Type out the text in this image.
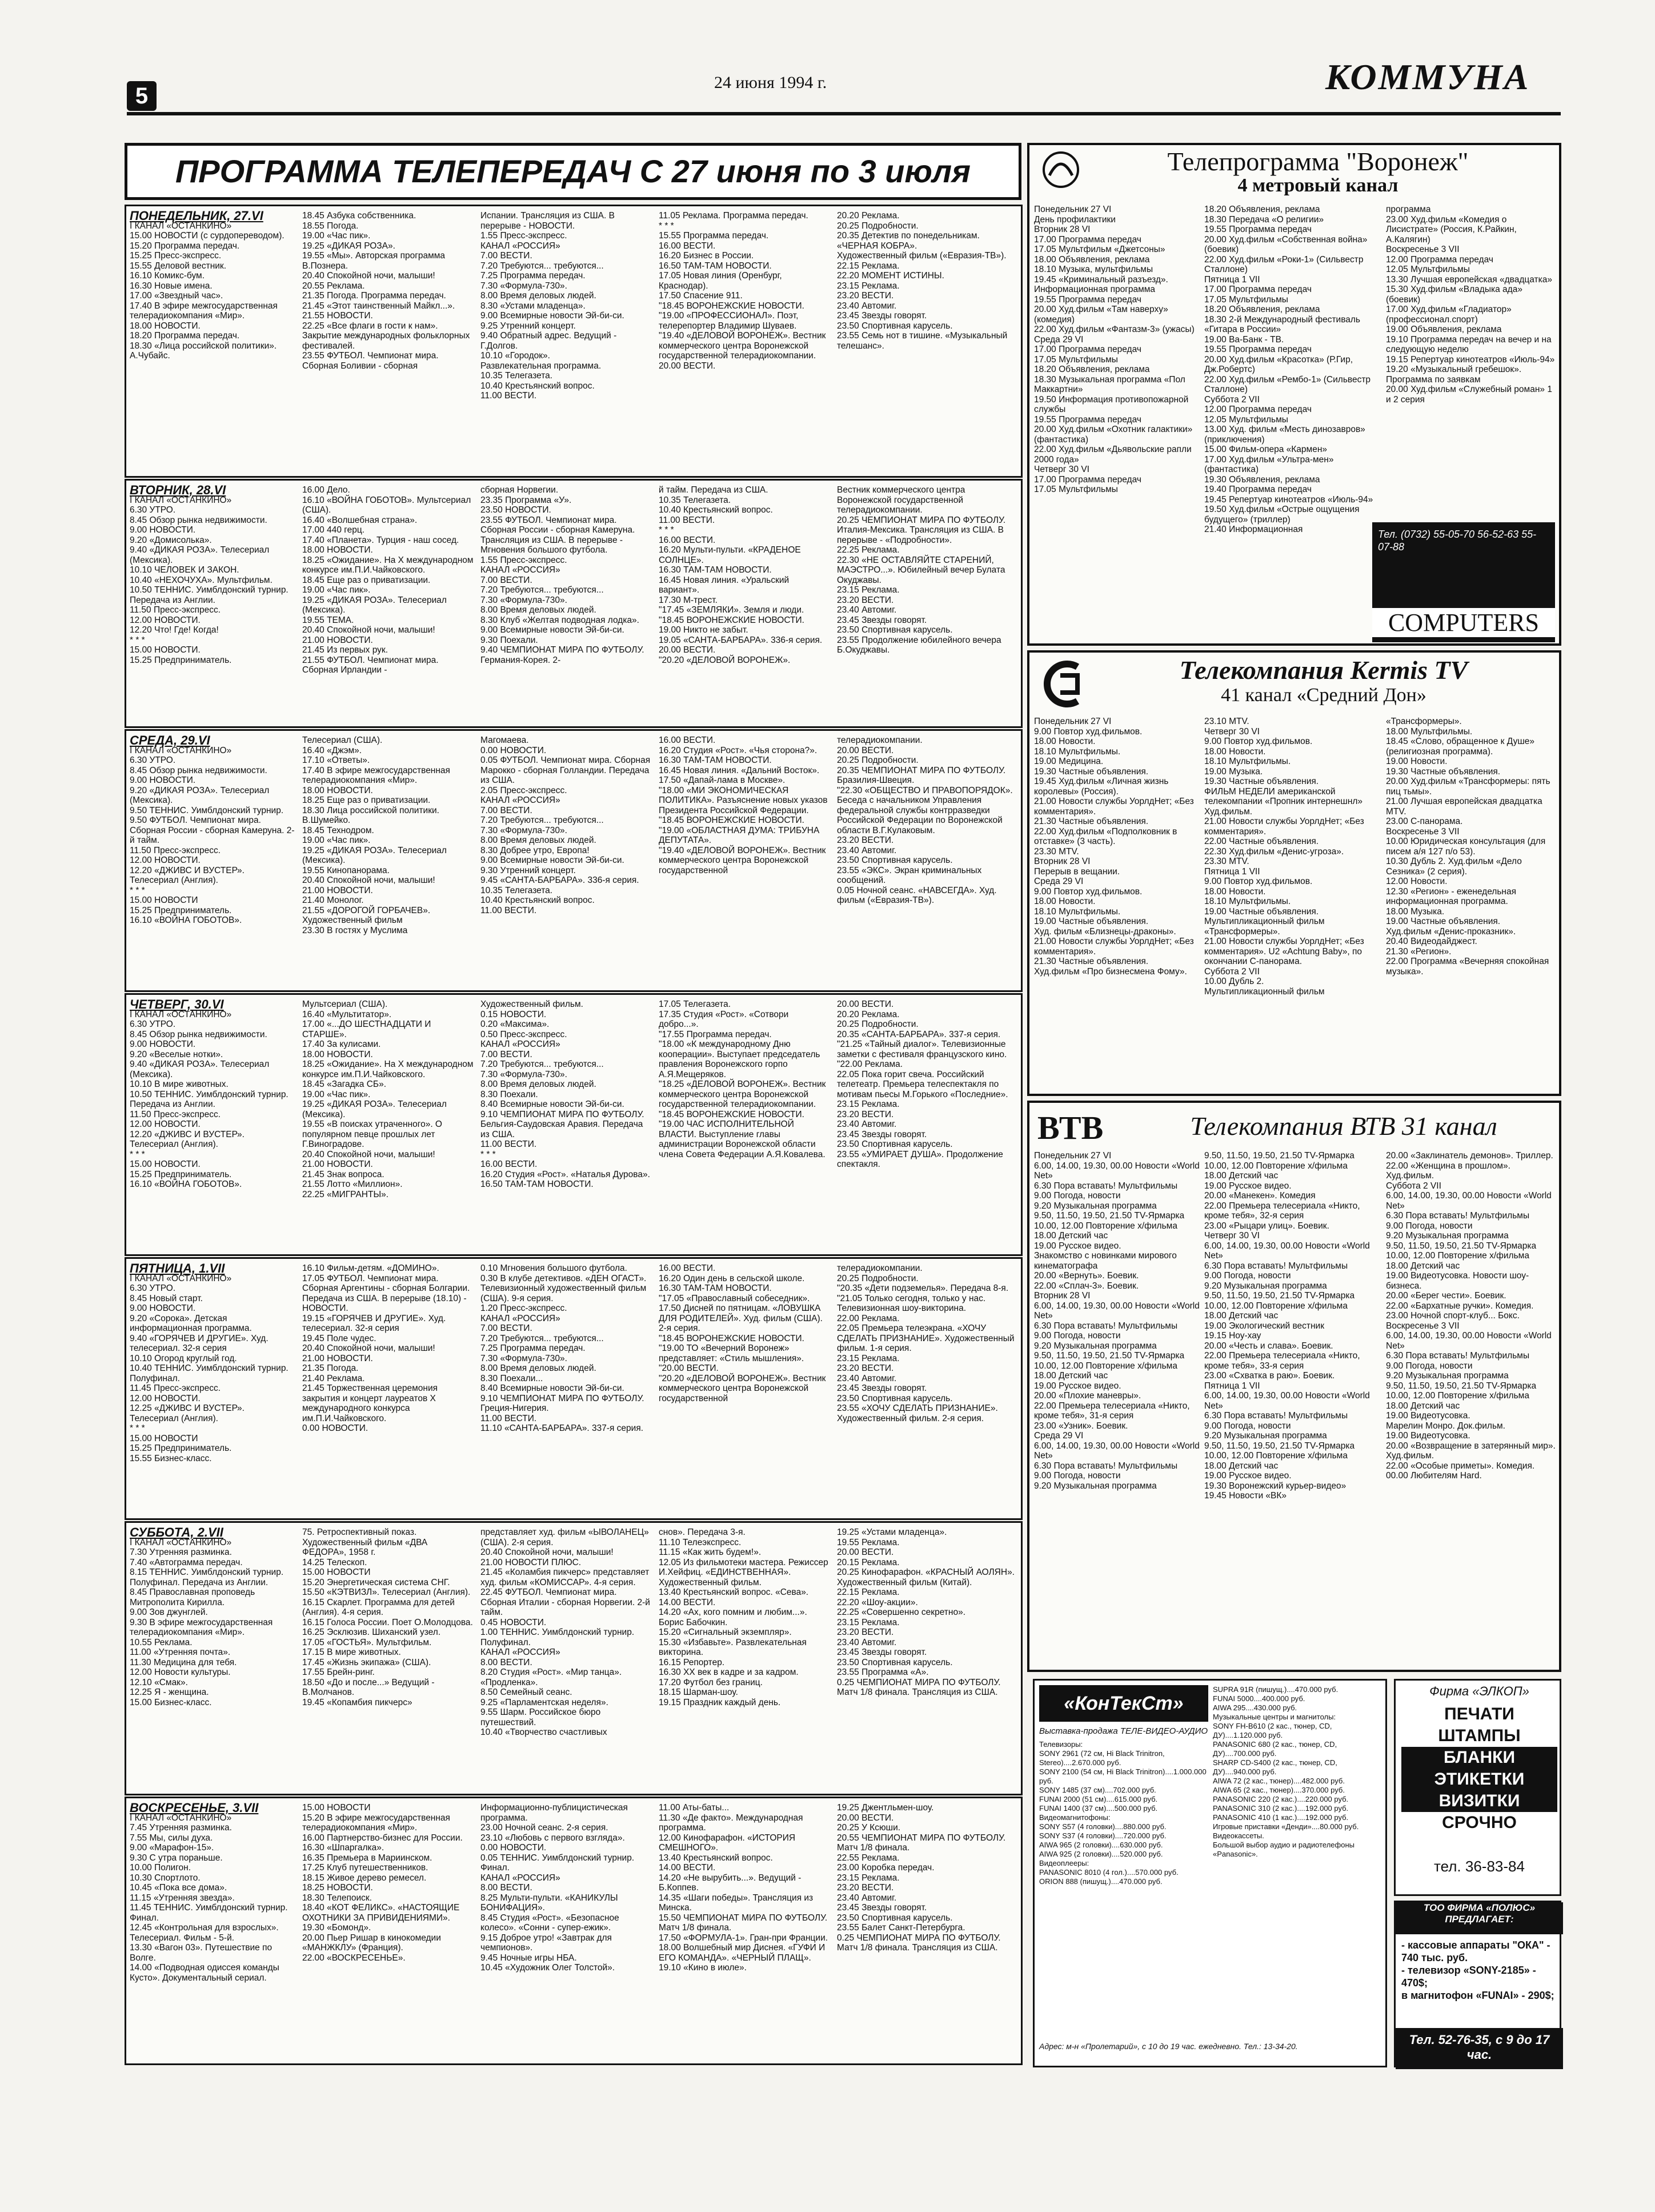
5
24 июня 1994 г.	КОММУНА
ПРОГРАММА ТЕЛЕПЕРЕДАЧ С 27 июня по 3 июля
ПОНЕДЕЛЬНИК, 27.VI
I КАНАЛ «ОСТАНКИНО»
15.00 НОВОСТИ (с сурдопереводом).
15.20 Программа передач.
15.25 Пресс-экспресс.
15.55 Деловой вестник.
16.10 Комикс-бум.
16.30 Новые имена.
17.00 «Звездный час».
17.40 В эфире межгосударственная телерадиокомпания «Мир».
18.00 НОВОСТИ.
18.20 Программа передач.
18.30 «Лица российской политики». А.Чубайс.
18.45 Азбука собственника.
18.55 Погода.
19.00 «Час пик».
19.25 «ДИКАЯ РОЗА».
19.55 «Мы». Авторская программа В.Познера.
20.40 Спокойной ночи, малыши!
20.55 Реклама.
21.35 Погода. Программа передач.
21.45 «Этот таинственный Майкл...».
21.55 НОВОСТИ.
22.25 «Все флаги в гости к нам». Закрытие международных фольклорных фестивалей.
23.55 ФУТБОЛ. Чемпионат мира. Сборная Боливии - сборная
Испании. Трансляция из США. В перерыве - НОВОСТИ.
1.55 Пресс-экспресс.
КАНАЛ «РОССИЯ»
7.00 ВЕСТИ.
7.20 Требуются... требуются...
7.25 Программа передач.
7.30 «Формула-730».
8.00 Время деловых людей.
8.30 «Устами младенца».
9.00 Всемирные новости Эй-би-си.
9.25 Утренний концерт.
9.40 Обратный адрес. Ведущий - Г.Долгов.
10.10 «Городок».
Развлекательная программа.
10.35 Телегазета.
10.40 Крестьянский вопрос.
11.00 ВЕСТИ.
11.05 Реклама. Программа передач.
* * *
15.55 Программа передач.
16.00 ВЕСТИ.
16.20 Бизнес в России.
16.50 ТАМ-ТАМ НОВОСТИ.
17.05 Новая линия (Оренбург, Краснодар).
17.50 Спасение 911.
"18.45 ВОРОНЕЖСКИЕ НОВОСТИ.
"19.00 «ПРОФЕССИОНАЛ». Поэт, телерепортер Владимир Шуваев.
"19.40 «ДЕЛОВОЙ ВОРОНЕЖ». Вестник коммерческого центра Воронежской государственной телерадиокомпании.
20.00 ВЕСТИ.
20.20 Реклама.
20.25 Подробности.
20.35 Детектив по понедельникам. «ЧЕРНАЯ КОБРА».
Художественный фильм («Евразия-ТВ»).
22.15 Реклама.
22.20 МОМЕНТ ИСТИНЫ.
23.15 Реклама.
23.20 ВЕСТИ.
23.40 Автомиг.
23.45 Звезды говорят.
23.50 Спортивная карусель.
23.55 Семь нот в тишине. «Музыкальный телешанс».
ВТОРНИК, 28.VI
I КАНАЛ «ОСТАНКИНО»
6.30 УТРО.
8.45 Обзор рынка недвижимости.
9.00 НОВОСТИ.
9.20 «Домисолька».
9.40 «ДИКАЯ РОЗА». Телесериал (Мексика).
10.10 ЧЕЛОВЕК И ЗАКОН.
10.40 «НЕХОЧУХА». Мультфильм.
10.50 ТЕННИС. Уимблдонский турнир. Передача из Англии.
11.50 Пресс-экспресс.
12.00 НОВОСТИ.
12.20 Что! Где! Когда!
* * *
15.00 НОВОСТИ.
15.25 Предприниматель.
16.00 Дело.
16.10 «ВОЙНА ГОБОТОВ». Мультсериал (США).
16.40 «Волшебная страна».
17.00 440 герц.
17.40 «Планета». Турция - наш сосед.
18.00 НОВОСТИ.
18.25 «Ожидание». На X международном конкурсе им.П.И.Чайковского.
18.45 Еще раз о приватизации.
19.00 «Час пик».
19.25 «ДИКАЯ РОЗА». Телесериал (Мексика).
19.55 ТЕМА.
20.40 Спокойной ночи, малыши!
21.00 НОВОСТИ.
21.45 Из первых рук.
21.55 ФУТБОЛ. Чемпионат мира. Сборная Ирландии -
сборная Норвегии.
23.35 Программа «У».
23.50 НОВОСТИ.
23.55 ФУТБОЛ. Чемпионат мира. Сборная России - сборная Камеруна. Трансляция из США. В перерыве - Мгновения большого футбола.
1.55 Пресс-экспресс.
КАНАЛ «РОССИЯ»
7.00 ВЕСТИ.
7.20 Требуются... требуются...
7.30 «Формула-730».
8.00 Время деловых людей.
8.30 Клуб «Желтая подводная лодка».
9.00 Всемирные новости Эй-би-си.
9.30 Поехали.
9.40 ЧЕМПИОНАТ МИРА ПО ФУТБОЛУ. Германия-Корея. 2-
й тайм. Передача из США.
10.35 Телегазета.
10.40 Крестьянский вопрос.
11.00 ВЕСТИ.
* * *
16.00 ВЕСТИ.
16.20 Мульти-пульти. «КРАДЕНОЕ СОЛНЦЕ».
16.30 ТАМ-ТАМ НОВОСТИ.
16.45 Новая линия. «Уральский вариант».
17.30 М-трест.
"17.45 «ЗЕМЛЯКИ». Земля и люди.
"18.45 ВОРОНЕЖСКИЕ НОВОСТИ.
19.00 Никто не забыт.
19.05 «САНТА-БАРБАРА». 336-я серия.
20.00 ВЕСТИ.
"20.20 «ДЕЛОВОЙ ВОРОНЕЖ».
Вестник коммерческого центра Воронежской государственной телерадиокомпании.
20.25 ЧЕМПИОНАТ МИРА ПО ФУТБОЛУ. Италия-Мексика. Трансляция из США. В перерыве - «Подробности».
22.25 Реклама.
22.30 «НЕ ОСТАВЛЯЙТЕ СТАРЕНИЙ, МАЭСТРО...». Юбилейный вечер Булата Окуджавы.
23.15 Реклама.
23.20 ВЕСТИ.
23.40 Автомиг.
23.45 Звезды говорят.
23.50 Спортивная карусель.
23.55 Продолжение юбилейного вечера Б.Окуджавы.
СРЕДА, 29.VI
I КАНАЛ «ОСТАНКИНО»
6.30 УТРО.
8.45 Обзор рынка недвижимости.
9.00 НОВОСТИ.
9.20 «ДИКАЯ РОЗА». Телесериал (Мексика).
9.50 ТЕННИС. Уимблдонский турнир.
9.50 ФУТБОЛ. Чемпионат мира. Сборная России - сборная Камеруна. 2-й тайм.
11.50 Пресс-экспресс.
12.00 НОВОСТИ.
12.20 «ДЖИВС И ВУСТЕР». Телесериал (Англия).
* * *
15.00 НОВОСТИ
15.25 Предприниматель.
16.10 «ВОЙНА ГОБОТОВ».
Телесериал (США).
16.40 «Джэм».
17.10 «Ответы».
17.40 В эфире межгосударственная телерадиокомпания «Мир».
18.00 НОВОСТИ.
18.25 Еще раз о приватизации.
18.30 Лица российской политики. В.Шумейко.
18.45 Технодром.
19.00 «Час пик».
19.25 «ДИКАЯ РОЗА». Телесериал (Мексика).
19.55 Кинопанорама.
20.40 Спокойной ночи, малыши!
21.00 НОВОСТИ.
21.40 Монолог.
21.55 «ДОРОГОЙ ГОРБАЧЕВ». Художественный фильм
23.30 В гостях у Муслима
Магомаева.
0.00 НОВОСТИ.
0.05 ФУТБОЛ. Чемпионат мира. Сборная Марокко - сборная Голландии. Передача из США.
2.05 Пресс-экспресс.
КАНАЛ «РОССИЯ»
7.00 ВЕСТИ.
7.20 Требуются... требуются...
7.30 «Формула-730».
8.00 Время деловых людей.
8.30 Добрее утро, Европа!
9.00 Всемирные новости Эй-би-си.
9.30 Утренний концерт.
9.45 «САНТА-БАРБАРА». 336-я серия.
10.35 Телегазета.
10.40 Крестьянский вопрос.
11.00 ВЕСТИ.
16.00 ВЕСТИ.
16.20 Студия «Рост». «Чья сторона?».
16.30 ТАМ-ТАМ НОВОСТИ.
16.45 Новая линия. «Дальний Восток».
17.50 «Дапай-лама в Москве».
"18.00 «МИ ЭКОНОМИЧЕСКАЯ ПОЛИТИКА». Разъяснение новых указов Президента Российской Федерации.
"18.45 ВОРОНЕЖСКИЕ НОВОСТИ.
"19.00 «ОБЛАСТНАЯ ДУМА: ТРИБУНА ДЕПУТАТА».
"19.40 «ДЕЛОВОЙ ВОРОНЕЖ». Вестник коммерческого центра Воронежской государственной
телерадиокомпании.
20.00 ВЕСТИ.
20.25 Подробности.
20.35 ЧЕМПИОНАТ МИРА ПО ФУТБОЛУ. Бразилия-Швеция.
"22.30 «ОБЩЕСТВО И ПРАВОПОРЯДОК». Беседа с начальником Управления федеральной службы контрразведки Российской Федерации по Воронежской области В.Г.Кулаковым.
23.20 ВЕСТИ.
23.40 Автомиг.
23.50 Спортивная карусель.
23.55 «ЭКС». Экран криминальных сообщений.
0.05 Ночной сеанс. «НАВСЕГДА». Худ. фильм («Евразия-ТВ»).
ЧЕТВЕРГ, 30.VI
I КАНАЛ «ОСТАНКИНО»
6.30 УТРО.
8.45 Обзор рынка недвижимости.
9.00 НОВОСТИ.
9.20 «Веселые нотки».
9.40 «ДИКАЯ РОЗА». Телесериал (Мексика).
10.10 В мире животных.
10.50 ТЕННИС. Уимблдонский турнир. Передача из Англии.
11.50 Пресс-экспресс.
12.00 НОВОСТИ.
12.20 «ДЖИВС И ВУСТЕР». Телесериал (Англия).
* * *
15.00 НОВОСТИ.
15.25 Предприниматель.
16.10 «ВОЙНА ГОБОТОВ».
Мультсериал (США).
16.40 «Мультитатор».
17.00 «...ДО ШЕСТНАДЦАТИ И СТАРШЕ».
17.40 За кулисами.
18.00 НОВОСТИ.
18.25 «Ожидание». На X международном конкурсе им.П.И.Чайковского.
18.45 «Загадка СБ».
19.00 «Час пик».
19.25 «ДИКАЯ РОЗА». Телесериал (Мексика).
19.55 «В поисках утраченного». О популярном певце прошлых лет Г.Виноградове.
20.40 Спокойной ночи, малыши!
21.00 НОВОСТИ.
21.45 Знак вопроса.
21.55 Лотто «Миллион».
22.25 «МИГРАНТЫ».
Художественный фильм.
0.15 НОВОСТИ.
0.20 «Максима».
0.50 Пресс-экспресс.
КАНАЛ «РОССИЯ»
7.00 ВЕСТИ.
7.20 Требуются... требуются...
7.30 «Формула-730».
8.00 Время деловых людей.
8.30 Поехали.
8.40 Всемирные новости Эй-би-си.
9.10 ЧЕМПИОНАТ МИРА ПО ФУТБОЛУ. Бельгия-Саудовская Аравия. Передача из США.
11.00 ВЕСТИ.
* * *
16.00 ВЕСТИ.
16.20 Студия «Рост». «Наталья Дурова».
16.50 ТАМ-ТАМ НОВОСТИ.
17.05 Телегазета.
17.35 Студия «Рост». «Сотвори добро...».
"17.55 Программа передач.
"18.00 «К международному Дню кооперации». Выступает председатель правления Воронежского горпо А.Я.Мещеряков.
"18.25 «ДЕЛОВОЙ ВОРОНЕЖ». Вестник коммерческого центра Воронежской государственной телерадиокомпании.
"18.45 ВОРОНЕЖСКИЕ НОВОСТИ.
"19.00 ЧАС ИСПОЛНИТЕЛЬНОЙ ВЛАСТИ. Выступление главы администрации Воронежской области члена Совета Федерации А.Я.Ковалева.
20.00 ВЕСТИ.
20.20 Реклама.
20.25 Подробности.
20.35 «САНТА-БАРБАРА». 337-я серия.
"21.25 «Тайный диалог». Телевизионные заметки с фестиваля французского кино.
"22.00 Реклама.
22.05 Пока горит свеча. Российский телетеатр. Премьера телеспектакля по мотивам пьесы М.Горького «Последние».
23.15 Реклама.
23.20 ВЕСТИ.
23.40 Автомиг.
23.45 Звезды говорят.
23.50 Спортивная карусель.
23.55 «УМИРАЕТ ДУША». Продолжение спектакля.
ПЯТНИЦА, 1.VII
I КАНАЛ «ОСТАНКИНО»
6.30 УТРО.
8.45 Новый старт.
9.00 НОВОСТИ.
9.20 «Сорока». Детская информационная программа.
9.40 «ГОРЯЧЕВ И ДРУГИЕ». Худ. телесериал. 32-я серия
10.10 Огород круглый год.
10.40 ТЕННИС. Уимблдонский турнир. Полуфинал.
11.45 Пресс-экспресс.
12.00 НОВОСТИ.
12.25 «ДЖИВС И ВУСТЕР». Телесериал (Англия).
* * *
15.00 НОВОСТИ
15.25 Предприниматель.
15.55 Бизнес-класс.
16.10 Фильм-детям. «ДОМИНО».
17.05 ФУТБОЛ. Чемпионат мира. Сборная Аргентины - сборная Болгарии. Передача из США. В перерыве (18.10) - НОВОСТИ.
19.15 «ГОРЯЧЕВ И ДРУГИЕ». Худ. телесериал. 32-я серия
19.45 Поле чудес.
20.40 Спокойной ночи, малыши!
21.00 НОВОСТИ.
21.35 Погода.
21.40 Реклама.
21.45 Торжественная церемония закрытия и концерт лауреатов X международного конкурса им.П.И.Чайковского.
0.00 НОВОСТИ.
0.10 Мгновения большого футбола.
0.30 В клубе детективов. «ДЕН ОГАСТ». Телевизионный художественный фильм (США). 9-я серия.
1.20 Пресс-экспресс.
КАНАЛ «РОССИЯ»
7.00 ВЕСТИ.
7.20 Требуются... требуются...
7.25 Программа передач.
7.30 «Формула-730».
8.00 Время деловых людей.
8.30 Поехали...
8.40 Всемирные новости Эй-би-си.
9.10 ЧЕМПИОНАТ МИРА ПО ФУТБОЛУ. Греция-Нигерия.
11.00 ВЕСТИ.
11.10 «САНТА-БАРБАРА». 337-я серия.
16.00 ВЕСТИ.
16.20 Один день в сельской школе.
16.30 ТАМ-ТАМ НОВОСТИ.
"17.05 «Православный собеседник».
17.50 Дисней по пятницам. «ЛОВУШКА ДЛЯ РОДИТЕЛЕЙ». Худ. фильм (США). 2-я серия.
"18.45 ВОРОНЕЖСКИЕ НОВОСТИ.
"19.00 ТО «Вечерний Воронеж» представляет: «Стиль мышления».
"20.00 ВЕСТИ.
"20.20 «ДЕЛОВОЙ ВОРОНЕЖ». Вестник коммерческого центра Воронежской государственной
телерадиокомпании.
20.25 Подробности.
"20.35 «Дети подземелья». Передача 8-я.
"21.05 Только сегодня, только у нас. Телевизионная шоу-викторина.
22.00 Реклама.
22.05 Премьера телеэкрана. «ХОЧУ СДЕЛАТЬ ПРИЗНАНИЕ». Художественный фильм. 1-я серия.
23.15 Реклама.
23.20 ВЕСТИ.
23.40 Автомиг.
23.45 Звезды говорят.
23.50 Спортивная карусель.
23.55 «ХОЧУ СДЕЛАТЬ ПРИЗНАНИЕ». Художественный фильм. 2-я серия.
СУББОТА, 2.VII
I КАНАЛ «ОСТАНКИНО»
7.30 Утренняя разминка.
7.40 «Автограмма передач.
8.15 ТЕННИС. Уимблдонский турнир. Полуфинал. Передача из Англии.
8.45 Православная проповедь Митрополита Кирилла.
9.00 Зов джунглей.
9.30 В эфире межгосударственная телерадиокомпания «Мир».
10.55 Реклама.
11.00 «Утренняя почта».
11.30 Медицина для тебя.
12.00 Новости культуры.
12.10 «Смак».
12.25 Я - женщина.
15.00 Бизнес-класс.
75. Ретроспективный показ. Художественный фильм «ДВА ФЕДОРА», 1958 г.
14.25 Телескоп.
15.00 НОВОСТИ
15.20 Энергетическая система СНГ.
15.50 «КЭТВИЗЛ». Телесериал (Англия).
16.15 Скарлет. Программа для детей (Англия). 4-я серия.
16.15 Голоса России. Поет О.Молодцова.
16.25 Эсклюзив. Шиханский узел.
17.05 «ГОСТЬЯ». Мультфильм.
17.15 В мире животных.
17.45 «Жизнь экипажа» (США).
17.55 Брейн-ринг.
18.50 «До и после...» Ведущий - В.Молчанов.
19.45 «Копамбия пикчерс»
представляет худ. фильм «ЫВОЛАНЕЦ» (США). 2-я серия.
20.40 Спокойной ночи, малыши!
21.00 НОВОСТИ ПЛЮС.
21.45 «Коламбия пикчерс» представляет худ. фильм «КОМИССАР». 4-я серия.
22.45 ФУТБОЛ. Чемпионат мира. Сборная Италии - сборная Норвегии. 2-й тайм.
0.45 НОВОСТИ.
1.00 ТЕННИС. Уимблдонский турнир. Полуфинал.
КАНАЛ «РОССИЯ»
8.00 ВЕСТИ.
8.20 Студия «Рост». «Мир танца». «Продленка».
8.50 Семейный сеанс.
9.25 «Парламентская неделя».
9.55 Шарм. Российское бюро путешествий.
10.40 «Творчество счастливых
снов». Передача 3-я.
11.10 Телеэкспресс.
11.15 «Как жить будем!».
12.05 Из фильмотеки мастера. Режиссер И.Хейфиц. «ЕДИНСТВЕННАЯ». Художественный фильм.
13.40 Крестьянский вопрос. «Сева».
14.00 ВЕСТИ.
14.20 «Ах, кого помним и любим...». Борис Бабочкин.
15.20 «Сигнальный экземпляр».
15.30 «Избавьте». Развлекательная викторина.
16.15 Репортер.
16.30 XX век в кадре и за кадром.
17.20 Футбол без границ.
18.15 Шарман-шоу.
19.15 Праздник каждый день.
19.25 «Устами младенца».
19.55 Реклама.
20.00 ВЕСТИ.
20.15 Реклама.
20.25 Кинофарафон. «КРАСНЫЙ АОЛЯН». Художественный фильм (Китай).
22.15 Реклама.
22.20 «Шоу-акции».
22.25 «Совершенно секретно».
23.15 Реклама.
23.20 ВЕСТИ.
23.40 Автомиг.
23.45 Звезды говорят.
23.50 Спортивная карусель.
23.55 Программа «А».
0.25 ЧЕМПИОНАТ МИРА ПО ФУТБОЛУ. Матч 1/8 финала. Трансляция из США.
ВОСКРЕСЕНЬЕ, 3.VII
I КАНАЛ «ОСТАНКИНО»
7.45 Утренняя разминка.
7.55 Мы, силы духа.
9.00 «Марафон-15».
9.30 С утра пораньше.
10.00 Полигон.
10.30 Спортлото.
10.45 «Пока все дома».
11.15 «Утренняя звезда».
11.45 ТЕННИС. Уимблдонский турнир. Финал.
12.45 «Контрольная для взрослых». Телесериал. Фильм - 5-й.
13.30 «Вагон 03». Путешествие по Волге.
14.00 «Подводная одиссея команды Кусто». Документальный сериал.
15.00 НОВОСТИ
15.20 В эфире межгосударственная телерадиокомпания «Мир».
16.00 Партнерство-бизнес для России.
16.30 «Шпаргалка».
16.35 Премьера в Мариинском.
17.25 Клуб путешественников.
18.15 Живое дерево ремесел.
18.25 НОВОСТИ.
18.30 Телепоиск.
18.40 «КОТ ФЕЛИКС». «НАСТОЯЩИЕ ОХОТНИКИ ЗА ПРИВИДЕНИЯМИ».
19.30 «Бомонд».
20.00 Пьер Ришар в кинокомедии «МАНЖКЛУ» (Франция).
22.00 «ВОСКРЕСЕНЬЕ».
Информационно-публицистическая программа.
23.00 Ночной сеанс. 2-я серия.
23.10 «Любовь с первого взгляда».
0.00 НОВОСТИ.
0.05 ТЕННИС. Уимблдонский турнир. Финал.
КАНАЛ «РОССИЯ»
8.00 ВЕСТИ.
8.25 Мульти-пульти. «КАНИКУЛЫ БОНИФАЦИЯ».
8.45 Студия «Рост». «Безопасное колесо». «Сонни - супер-ежик».
9.15 Доброе утро! «Завтрак для чемпионов».
9.45 Ночные игры НБА.
10.45 «Художник Олег Толстой».
11.00 Аты-баты...
11.30 «Де факто». Международная программа.
12.00 Кинофарафон. «ИСТОРИЯ СМЕШНОГО».
13.40 Крестьянский вопрос.
14.00 ВЕСТИ.
14.20 «Не вырубить...». Ведущий - Б.Коппев.
14.35 «Шаги победы». Трансляция из Минска.
15.50 ЧЕМПИОНАТ МИРА ПО ФУТБОЛУ. Матч 1/8 финала.
17.50 «ФОРМУЛА-1». Гран-при Франции.
18.00 Волшебный мир Диснея. «ГУФИ И ЕГО КОМАНДА». «ЧЕРНЫЙ ПЛАЩ».
19.10 «Кино в июле».
19.25 Джентльмен-шоу.
20.00 ВЕСТИ.
20.25 У Ксюши.
20.55 ЧЕМПИОНАТ МИРА ПО ФУТБОЛУ. Матч 1/8 финала.
22.55 Реклама.
23.00 Коробка передач.
23.15 Реклама.
23.20 ВЕСТИ.
23.40 Автомиг.
23.45 Звезды говорят.
23.50 Спортивная карусель.
23.55 Балет Санкт-Петербурга.
0.25 ЧЕМПИОНАТ МИРА ПО ФУТБОЛУ. Матч 1/8 финала. Трансляция из США.
Телепрограмма "Воронеж"
4 метровый канал
Понедельник 27 VI
День профилактики
Вторник 28 VI
17.00 Программа передач
17.05 Мультфильм «Джетсоны»
18.00 Объявления, реклама
18.10 Музыка, мультфильмы
19.45 «Криминальный разъезд». Информационная программа
19.55 Программа передач
20.00 Худ.фильм «Там наверху» (комедия)
22.00 Худ.фильм «Фантазм-3» (ужасы)
Среда 29 VI
17.00 Программа передач
17.05 Мультфильмы
18.20 Объявления, реклама
18.30 Музыкальная программа «Пол Маккартни»
19.50 Информация противопожарной службы
19.55 Программа передач
20.00 Худ.фильм «Охотник галактики» (фантастика)
22.00 Худ.фильм «Дьявольские рапли 2000 года»
Четверг 30 VI
17.00 Программа передач
17.05 Мультфильмы
18.20 Объявления, реклама
18.30 Передача «О религии»
19.55 Программа передач
20.00 Худ.фильм «Собственная война» (боевик)
22.00 Худ.фильм «Роки-1» (Сильвестр Сталлоне)
Пятница 1 VII
17.00 Программа передач
17.05 Мультфильмы
18.20 Объявления, реклама
18.30 2-й Международный фестиваль «Гитара в России»
19.00 Ва-Банк - ТВ.
19.55 Программа передач
20.00 Худ.фильм «Красотка» (Р.Гир, Дж.Робертс)
22.00 Худ.фильм «Рембо-1» (Сильвестр Сталлоне)
Суббота 2 VII
12.00 Программа передач
12.05 Мультфильмы
13.00 Худ. фильм «Месть динозавров» (приключения)
15.00 Фильм-опера «Кармен»
17.00 Худ.фильм «Ультра-мен» (фантастика)
19.30 Объявления, реклама
19.40 Программа передач
19.45 Репертуар кинотеатров «Июль-94»
19.50 Худ.фильм «Острые ощущения будущего» (триллер)
21.40 Информационная
программа
23.00 Худ.фильм «Комедия о Лисистрате» (Россия, К.Райкин, А.Калягин)
Воскресенье 3 VII
12.00 Программа передач
12.05 Мультфильмы
13.30 Лучшая европейская «двадцатка»
15.30 Худ.фильм «Владыка ада» (боевик)
17.00 Худ.фильм «Гладиатор» (профессионал.спорт)
19.00 Объявления, реклама
19.10 Программа передач на вечер и на следующую неделю
19.15 Репертуар кинотеатров «Июль-94»
19.20 «Музыкальный гребешок». Программа по заявкам
20.00 Худ.фильм «Служебный роман» 1 и 2 серия
Тел. (0732) 55-05-70 56-52-63 55-07-88
COMPUTERS
Телекомпания Kermis TV
41 канал «Средний Дон»
Понедельник 27 VI
9.00 Повтор худ.фильмов.
18.00 Новости.
18.10 Мультфильмы.
19.00 Медицина.
19.30 Частные объявления.
19.45 Худ.фильм «Личная жизнь королевы» (Россия).
21.00 Новости службы УорлдНет; «Без комментария».
21.30 Частные объявления.
22.00 Худ.фильм «Подполковник в отставке» (3 часть).
23.30 MTV.
Вторник 28 VI
Перерыв в вещании.
Среда 29 VI
9.00 Повтор худ.фильмов.
18.00 Новости.
18.10 Мультфильмы.
19.00 Частные объявления.
Худ. фильм «Близнецы-драконы».
21.00 Новости службы УорлдНет; «Без комментария».
21.30 Частные объявления.
Худ.фильм «Про бизнесмена Фому».
23.10 MTV.
Четверг 30 VI
9.00 Повтор худ.фильмов.
18.00 Новости.
18.10 Мультфильмы.
19.00 Музыка.
19.30 Частные объявления.
ФИЛЬМ НЕДЕЛИ американской телекомпании «Пропник интернешнл» Худ.фильм.
21.00 Новости службы УорлдНет; «Без комментария».
22.00 Частные объявления.
22.30 Худ.фильм «Денис-угроза».
23.30 MTV.
Пятница 1 VII
9.00 Повтор худ.фильмов.
18.00 Новости.
18.10 Мультфильмы.
19.00 Частные объявления.
Мультипликационный фильм «Трансформеры».
21.00 Новости службы УорлдНет; «Без комментария». U2 «Achtung Baby», по окончании С-панорама.
Суббота 2 VII
10.00 Дубль 2.
Мультипликационный фильм
«Трансформеры».
18.00 Мультфильмы.
18.45 «Слово, обращенное к Душе» (религиозная программа).
19.00 Новости.
19.30 Частные объявления.
20.00 Худ.фильм «Трансформеры: пять пиц тьмы».
21.00 Лучшая европейская двадцатка MTV.
23.00 С-панорама.
Воскресенье 3 VII
10.00 Юридическая консультация (для писем а/я 127 п/о 53).
10.30 Дубль 2. Худ.фильм «Дело Сезника» (2 серия).
12.00 Новости.
12.30 «Регион» - еженедельная информационная программа.
18.00 Музыка.
19.00 Частные объявления.
Худ.фильм «Денис-проказник».
20.40 Видеодайджест.
21.30 «Регион».
22.00 Программа «Вечерняя спокойная музыка».
ВТВ	Телекомпания ВТВ 31 канал
Понедельник 27 VI
6.00, 14.00, 19.30, 00.00 Новости «World Net»
6.30 Пора вставать! Мультфильмы
9.00 Погода, новости
9.20 Музыкальная программа
9.50, 11.50, 19.50, 21.50 TV-Ярмарка
10.00, 12.00 Повторение х/фильма
18.00 Детский час
19.00 Русское видео.
Знакомство с новинками мирового кинематографа
20.00 «Вернуть». Боевик.
22.00 «Сплач-3». Боевик.
Вторник 28 VI
6.00, 14.00, 19.30, 00.00 Новости «World Net»
6.30 Пора вставать! Мультфильмы
9.00 Погода, новости
9.20 Музыкальная программа
9.50, 11.50, 19.50, 21.50 TV-Ярмарка
10.00, 12.00 Повторение х/фильма
18.00 Детский час
19.00 Русское видео.
20.00 «Плохие маневры».
22.00 Премьера телесериала «Никто, кроме тебя», 31-я серия
23.00 «Узник». Боевик.
Среда 29 VI
6.00, 14.00, 19.30, 00.00 Новости «World Net»
6.30 Пора вставать! Мультфильмы
9.00 Погода, новости
9.20 Музыкальная программа
9.50, 11.50, 19.50, 21.50 TV-Ярмарка
10.00, 12.00 Повторение х/фильма
18.00 Детский час
19.00 Русское видео.
20.00 «Манекен». Комедия
22.00 Премьера телесериала «Никто, кроме тебя», 32-я серия
23.00 «Рыцари улиц». Боевик.
Четверг 30 VI
6.00, 14.00, 19.30, 00.00 Новости «World Net»
6.30 Пора вставать! Мультфильмы
9.00 Погода, новости
9.20 Музыкальная программа
9.50, 11.50, 19.50, 21.50 TV-Ярмарка
10.00, 12.00 Повторение х/фильма
18.00 Детский час
19.00 Экологический вестник
19.15 Ноу-хау
20.00 «Честь и слава». Боевик.
22.00 Премьера телесериала «Никто, кроме тебя», 33-я серия
23.00 «Схватка в раю». Боевик.
Пятница 1 VII
6.00, 14.00, 19.30, 00.00 Новости «World Net»
6.30 Пора вставать! Мультфильмы
9.00 Погода, новости
9.20 Музыкальная программа
9.50, 11.50, 19.50, 21.50 TV-Ярмарка
10.00, 12.00 Повторение х/фильма
18.00 Детский час
19.00 Русское видео.
19.30 Воронежский курьер-видео»
19.45 Новости «ВК»
20.00 «Заклинатель демонов». Триллер.
22.00 «Женщина в прошлом». Худ.фильм.
Суббота 2 VII
6.00, 14.00, 19.30, 00.00 Новости «World Net»
6.30 Пора вставать! Мультфильмы
9.00 Погода, новости
9.20 Музыкальная программа
9.50, 11.50, 19.50, 21.50 TV-Ярмарка
10.00, 12.00 Повторение х/фильма
18.00 Детский час
19.00 Видеотусовка. Новости шоу-бизнеса.
20.00 «Берег чести». Боевик.
22.00 «Бархатные ручки». Комедия.
23.00 Ночной спорт-клуб... Бокс.
Воскресенье 3 VII
6.00, 14.00, 19.30, 00.00 Новости «World Net»
6.30 Пора вставать! Мультфильмы
9.00 Погода, новости
9.20 Музыкальная программа
9.50, 11.50, 19.50, 21.50 TV-Ярмарка
10.00, 12.00 Повторение х/фильма
18.00 Детский час
19.00 Видеотусовка.
Марелин Монро. Док.фильм.
19.00 Видеотусовка.
20.00 «Возвращение в затерянный мир». Худ.фильм.
22.00 «Особые приметы». Комедия.
00.00 Любителям Hard.
«КонТекСт»
Выставка-продажа ТЕЛЕ-ВИДЕО-АУДИО
Телевизоры:
SONY 2961 (72 см, Hi Black Trinitron, Stereo)....2.670.000 руб.
SONY 2100 (54 см, Hi Black Trinitron)....1.000.000 руб.
SONY 1485 (37 см)....702.000 руб.
FUNAI 2000 (51 см)....615.000 руб.
FUNAI 1400 (37 см)....500.000 руб.
Видеомагнитофоны:
SONY S57 (4 головки)....880.000 руб.
SONY S37 (4 головки)....720.000 руб.
AIWA 965 (2 головки)....630.000 руб.
AIWA 925 (2 головки)....520.000 руб.
Видеоплееры:
PANASONIC 8010 (4 гол.)....570.000 руб.
ORION 888 (пишущ.)....470.000 руб.
SUPRA 91R (пишущ.)....470.000 руб.
FUNAI 5000....400.000 руб.
AIWA 295....430.000 руб.
Музыкальные центры и магнитолы:
SONY FH-B610 (2 кас., тюнер, CD, ДУ)....1.120.000 руб.
PANASONIC 680 (2 кас., тюнер, CD, ДУ)....700.000 руб.
SHARP CD-S400 (2 кас., тюнер, CD, ДУ)....940.000 руб.
AIWA 72 (2 кас., тюнер)....482.000 руб.
AIWA 65 (2 кас., тюнер)....370.000 руб.
PANASONIC 220 (2 кас.)....220.000 руб.
PANASONIC 310 (2 кас.)....192.000 руб.
PANASONIC 410 (1 кас.)....192.000 руб.
Игровые приставки «Денди»....80.000 руб.
Видеокассеты.
Большой выбор аудио и радиотелефоны «Panasonic».
Адрес: м-н «Пролетарий», с 10 до 19 час. ежедневно. Тел.: 13-34-20.
Фирма «ЭЛКОП»
ПЕЧАТИ
ШТАМПЫ
БЛАНКИ
ЭТИКЕТКИ
ВИЗИТКИ
СРОЧНО
тел. 36-83-84
ТОО ФИРМА «ПОЛЮС» ПРЕДЛАГАЕТ:
- кассовые аппараты "ОКА" - 740 тыс. руб.
- телевизор «SONY-2185» - 470$;
в магнитофон «FUNAI» - 290$;
Тел. 52-76-35, с 9 до 17 час.
